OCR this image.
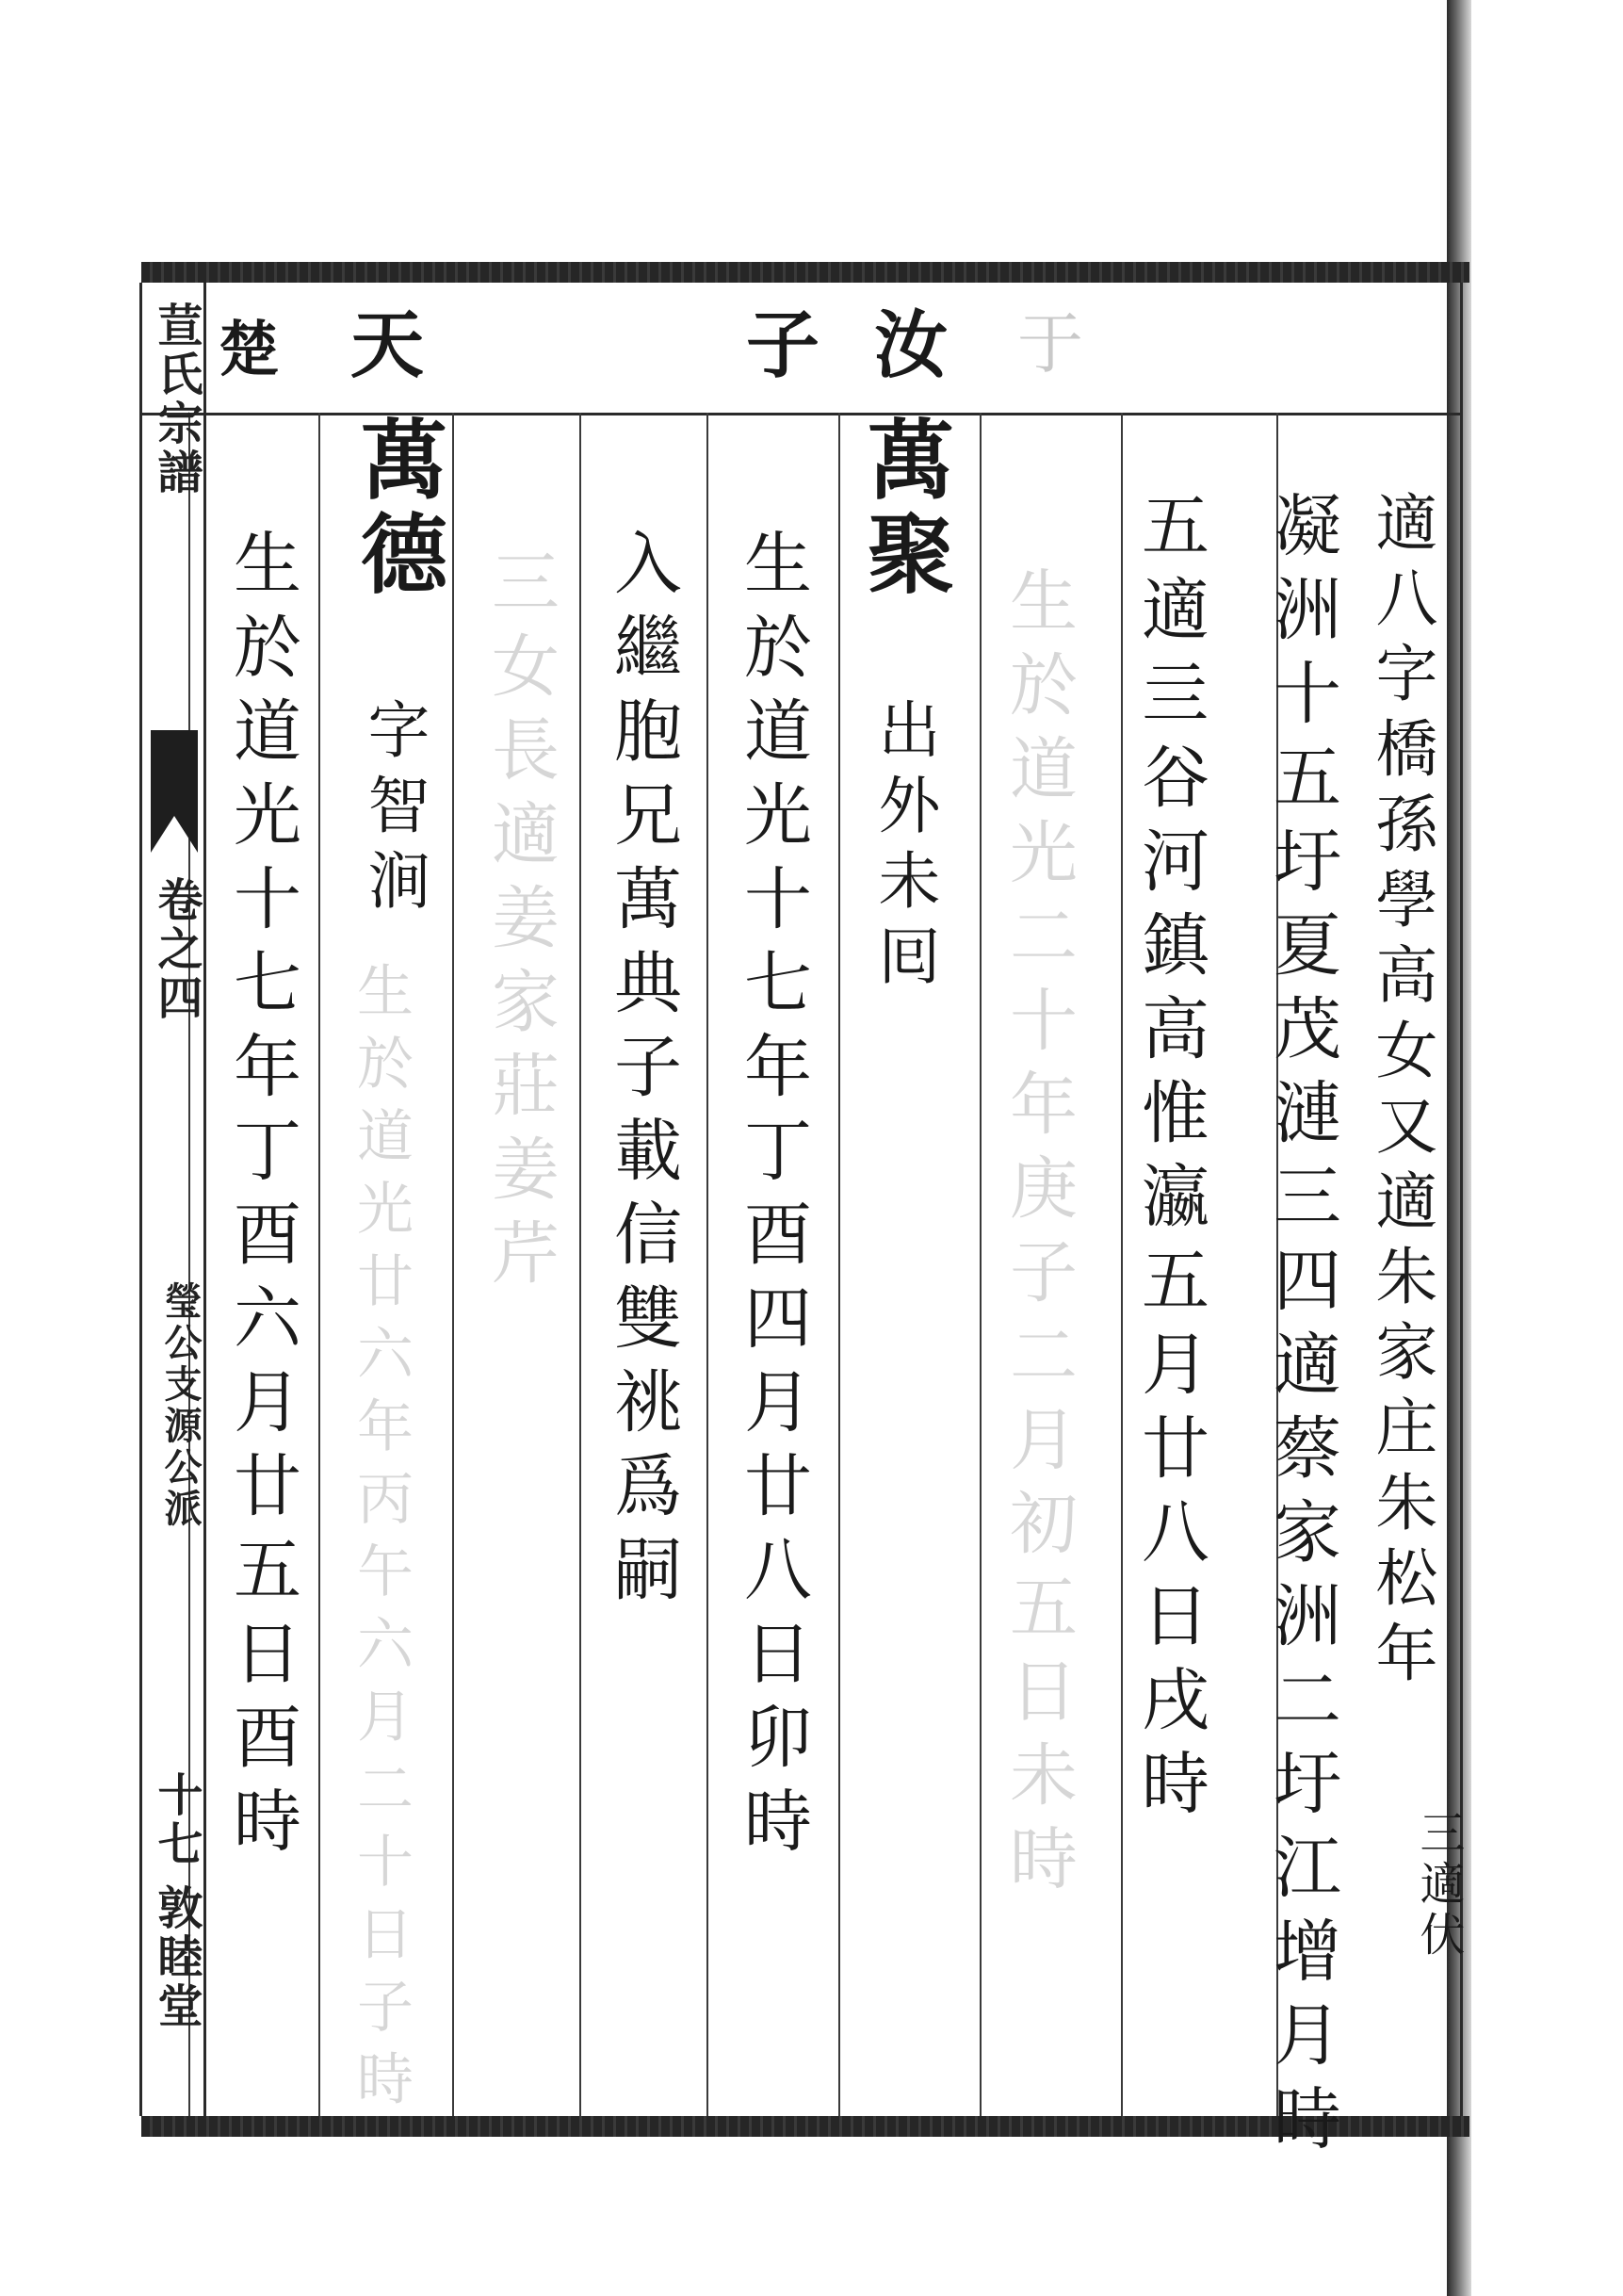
荁氏宗譜
卷之四
瑩公支源公派
十七
敦睦堂
楚 天	子 汝 于
適八字橋孫學高女又適朱家庄朱松年
三適伏
凝洲十五圩夏茂漣三四適蔡家洲二圩江增月時
五適亖谷河鎮高惟瀛五月廿八日戌時
生於道光二十年庚子二月初五日未時
萬聚
出外未囘
生於道光十七年丁酉四月廿八日卯時
入繼胞兄萬典子載信雙祧爲嗣
三女長適姜家莊姜芹
萬德
字智涧
生於道光廿六年丙午六月二十日子時
生於道光十七年丁酉六月廿五日酉時
